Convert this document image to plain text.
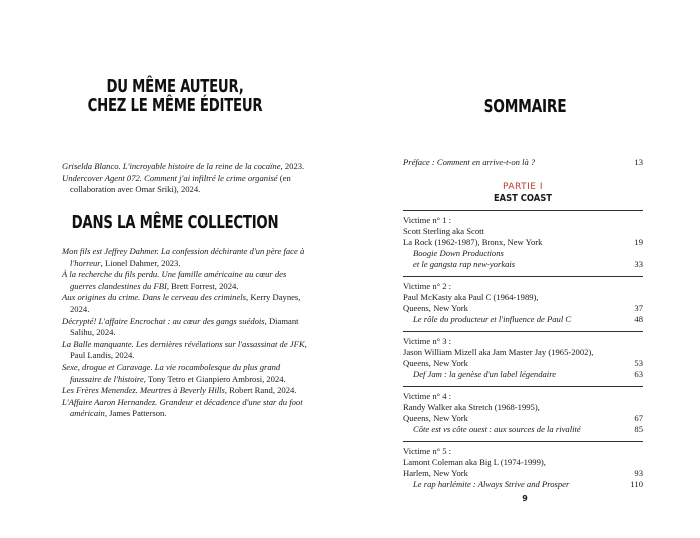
DU MÊME AUTEUR,
CHEZ LE MÊME ÉDITEUR

Griselda Blanco. L'incroyable histoire de la reine de la cocaïne, 2023.

Undercover Agent 072. Comment j'ai infiltré le crime organisé (en collaboration avec Omar Sriki), 2024.

DANS LA MÊME COLLECTION

Mon fils est Jeffrey Dahmer. La confession déchirante d'un père face à l'horreur, Lionel Dahmer, 2023.

À la recherche du fils perdu. Une famille américaine au cœur des guerres clandestines du FBI, Brett Forrest, 2024.

Aux origines du crime. Dans le cerveau des criminels, Kerry Daynes, 2024.

Décrypté! L'affaire Encrochat : au cœur des gangs suédois, Diamant Salihu, 2024.

La Balle manquante. Les dernières révélations sur l'assassinat de JFK, Paul Landis, 2024.

Sexe, drogue et Caravage. La vie rocambolesque du plus grand faussaire de l'histoire, Tony Tetro et Gianpiero Ambrosi, 2024.

Les Frères Menendez. Meurtres à Beverly Hills, Robert Rand, 2024.

L'Affaire Aaron Hernandez. Grandeur et décadence d'une star du foot américain, James Patterson.

SOMMAIRE
Préface : Comment en arrive-t-on là ?	13
PARTIE I
EAST COAST
Victime n° 1 :
Scott Sterling aka Scott
La Rock (1962-1987), Bronx, New York	19
Boogie Down Productions
et le gangsta rap new-yorkais	33
Victime n° 2 :
Paul McKasty aka Paul C (1964-1989),
Queens, New York	37
Le rôle du producteur et l'influence de Paul C	48
Victime n° 3 :
Jason William Mizell aka Jam Master Jay (1965-2002),
Queens, New York	53
Def Jam : la genèse d'un label légendaire	63
Victime n° 4 :
Randy Walker aka Stretch (1968-1995),
Queens, New York	67
Côte est vs côte ouest : aux sources de la rivalité	85
Victime n° 5 :
Lamont Coleman aka Big L (1974-1999),
Harlem, New York	93
Le rap harlémite : Always Strive and Prosper	110
9
